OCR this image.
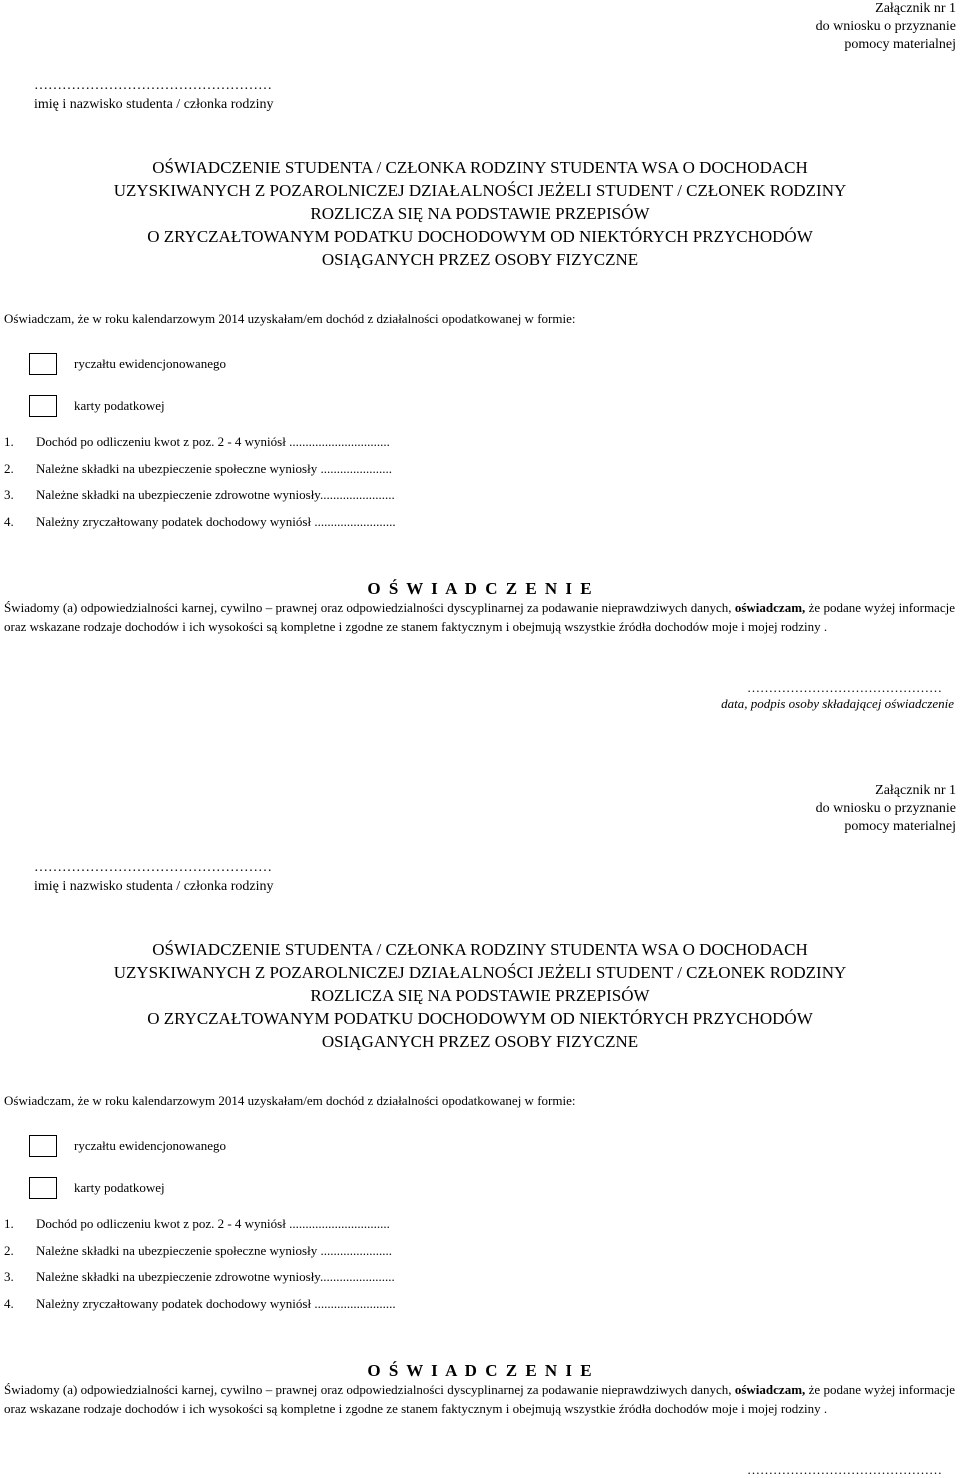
Załącznik nr 1
do wniosku o przyznanie
pomocy materialnej
……………………………………………
imię i nazwisko studenta / członka rodziny
OŚWIADCZENIE STUDENTA / CZŁONKA RODZINY STUDENTA WSA O DOCHODACH
UZYSKIWANYCH Z POZAROLNICZEJ DZIAŁALNOŚCI JEŻELI STUDENT / CZŁONEK RODZINY
ROZLICZA SIĘ NA PODSTAWIE PRZEPISÓW
O ZRYCZAŁTOWANYM PODATKU DOCHODOWYM OD NIEKTÓRYCH PRZYCHODÓW
OSIĄGANYCH PRZEZ OSOBY FIZYCZNE
Oświadczam, że w roku kalendarzowym 2014 uzyskałam/em dochód z działalności opodatkowanej w formie:
ryczałtu ewidencjonowanego
karty podatkowej
1. Dochód po odliczeniu kwot z poz. 2 - 4 wyniósł ...............................
2. Należne składki na ubezpieczenie społeczne wyniosły ......................
3. Należne składki na ubezpieczenie zdrowotne wyniosły.......................
4. Należny zryczałtowany podatek dochodowy wyniósł .........................
O Ś W I A D C Z E N I E
Świadomy (a) odpowiedzialności karnej, cywilno – prawnej oraz odpowiedzialności dyscyplinarnej za podawanie nieprawdziwych danych, oświadczam, że podane wyżej informacje oraz wskazane rodzaje dochodów i ich wysokości są kompletne i zgodne ze stanem faktycznym i obejmują wszystkie źródła dochodów moje i mojej rodziny .
………………………………………
data, podpis osoby składającej oświadczenie
Załącznik nr 1
do wniosku o przyznanie
pomocy materialnej
……………………………………………
imię i nazwisko studenta / członka rodziny
OŚWIADCZENIE STUDENTA / CZŁONKA RODZINY STUDENTA WSA O DOCHODACH
UZYSKIWANYCH Z POZAROLNICZEJ DZIAŁALNOŚCI JEŻELI STUDENT / CZŁONEK RODZINY
ROZLICZA SIĘ NA PODSTAWIE PRZEPISÓW
O ZRYCZAŁTOWANYM PODATKU DOCHODOWYM OD NIEKTÓRYCH PRZYCHODÓW
OSIĄGANYCH PRZEZ OSOBY FIZYCZNE
Oświadczam, że w roku kalendarzowym 2014 uzyskałam/em dochód z działalności opodatkowanej w formie:
ryczałtu ewidencjonowanego
karty podatkowej
1. Dochód po odliczeniu kwot z poz. 2 - 4 wyniósł ...............................
2. Należne składki na ubezpieczenie społeczne wyniosły ......................
3. Należne składki na ubezpieczenie zdrowotne wyniosły.......................
4. Należny zryczałtowany podatek dochodowy wyniósł .........................
O Ś W I A D C Z E N I E
Świadomy (a) odpowiedzialności karnej, cywilno – prawnej oraz odpowiedzialności dyscyplinarnej za podawanie nieprawdziwych danych, oświadczam, że podane wyżej informacje oraz wskazane rodzaje dochodów i ich wysokości są kompletne i zgodne ze stanem faktycznym i obejmują wszystkie źródła dochodów moje i mojej rodziny .
………………………………………
